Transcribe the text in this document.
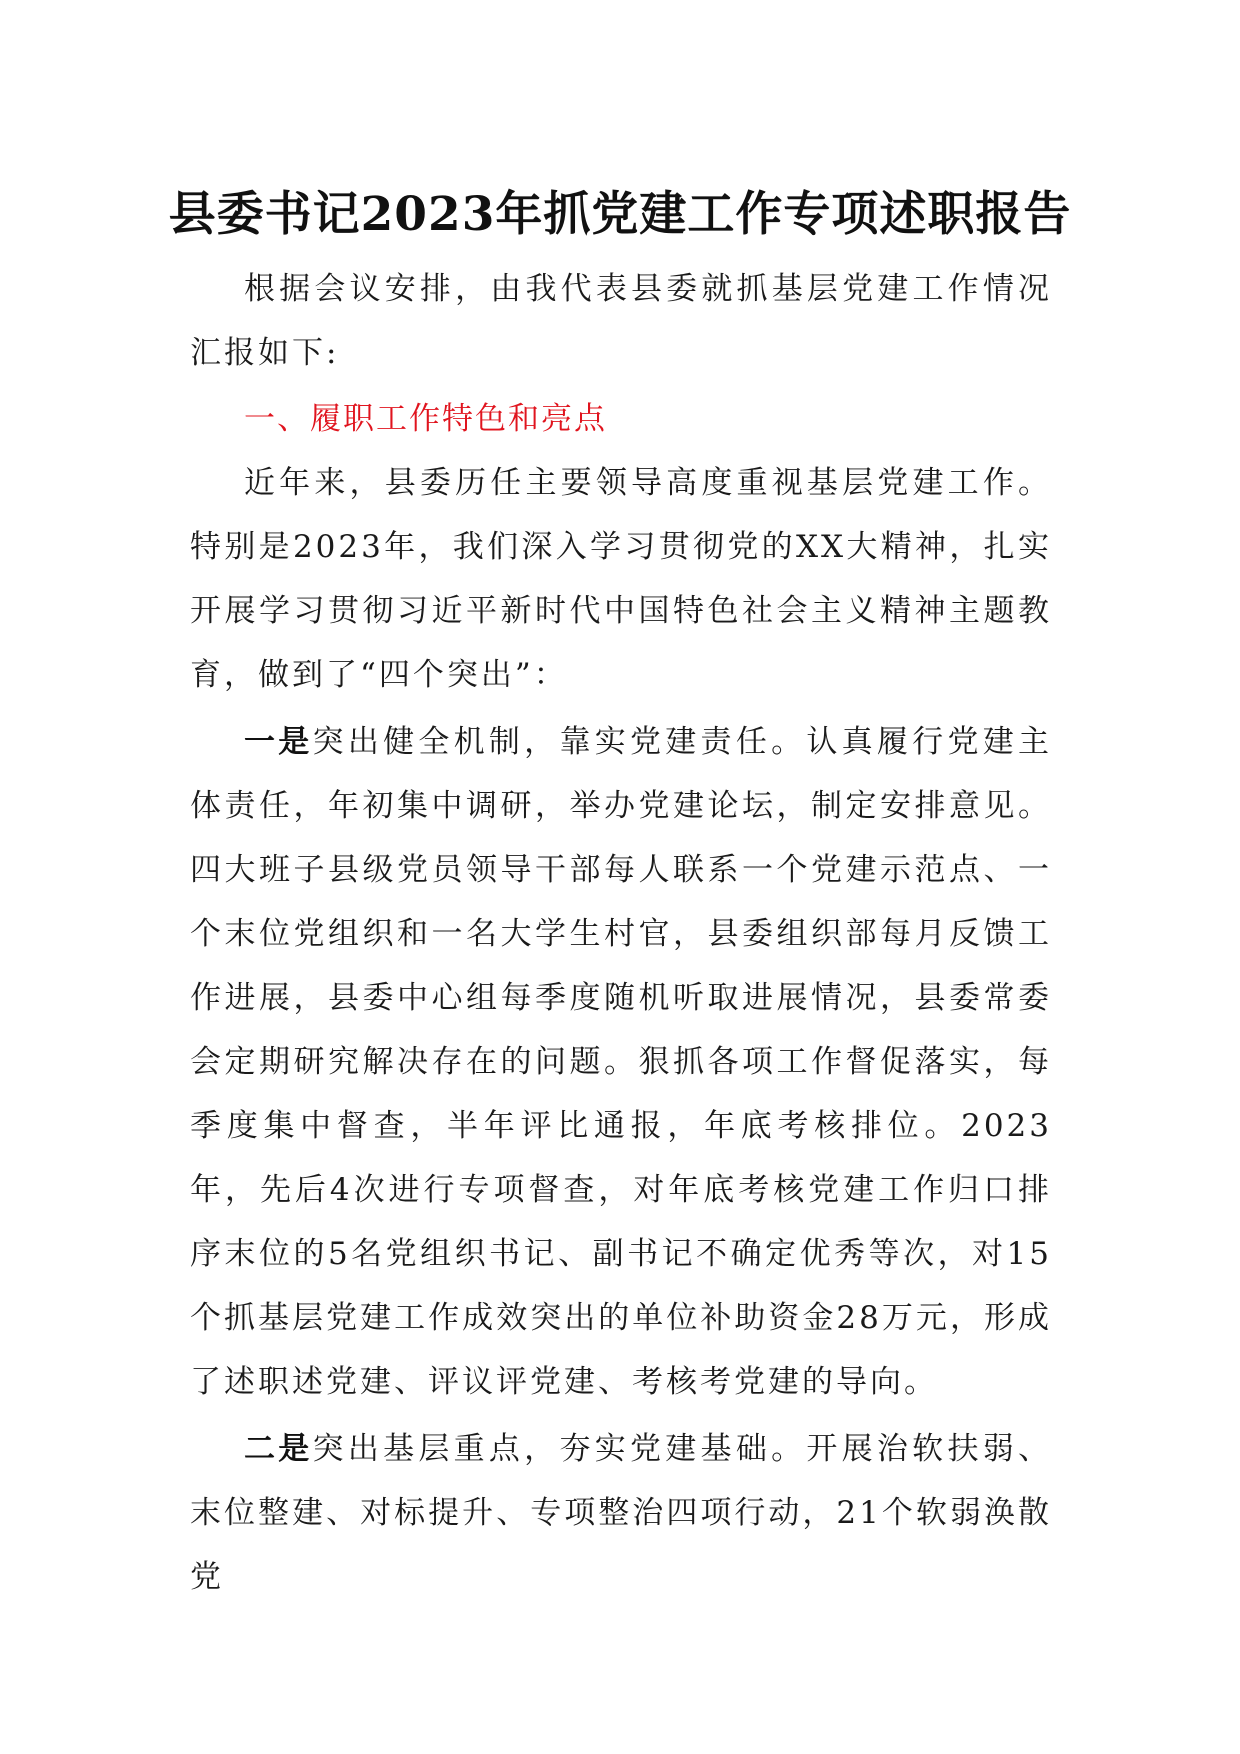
县委书记2023年抓党建工作专项述职报告

根据会议安排，由我代表县委就抓基层党建工作情况汇报如下:

一、履职工作特色和亮点

近年来，县委历任主要领导高度重视基层党建工作。特别是2023年，我们深入学习贯彻党的XX大精神，扎实开展学习贯彻习近平新时代中国特色社会主义精神主题教育，做到了“四个突出”：

一是突出健全机制，靠实党建责任。认真履行党建主体责任，年初集中调研，举办党建论坛，制定安排意见。四大班子县级党员领导干部每人联系一个党建示范点、一个末位党组织和一名大学生村官，县委组织部每月反馈工作进展，县委中心组每季度随机听取进展情况，县委常委会定期研究解决存在的问题。狠抓各项工作督促落实，每季度集中督查，半年评比通报，年底考核排位。2023年，先后4次进行专项督查，对年底考核党建工作归口排序末位的5名党组织书记、副书记不确定优秀等次，对15个抓基层党建工作成效突出的单位补助资金28万元，形成了述职述党建、评议评党建、考核考党建的导向。

二是突出基层重点，夯实党建基础。开展治软扶弱、末位整建、对标提升、专项整治四项行动，21个软弱涣散党
